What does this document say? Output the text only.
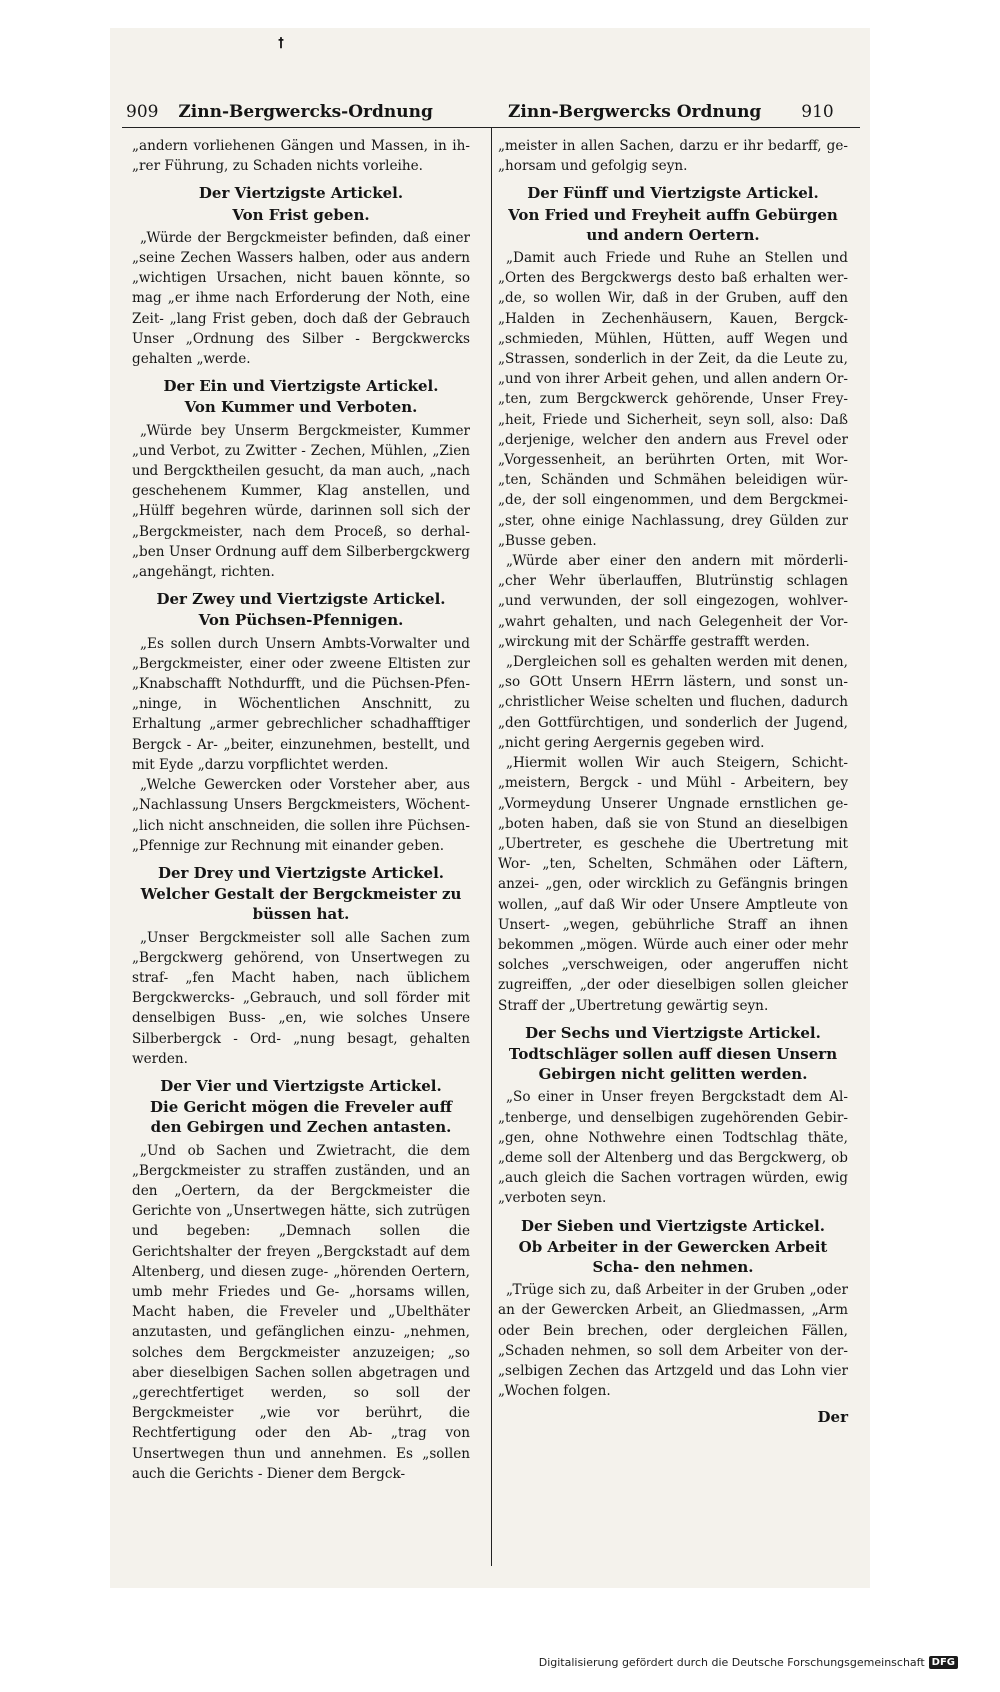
ꝉ
909 Zinn-Bergwercks-Ordnung	Zinn-Bergwercks Ordnung 910
„andern vorliehenen Gängen und Massen, in ih- „rer Führung, zu Schaden nichts vorleihe.
Der Viertzigste Artickel.
Von Frist geben.
„Würde der Bergckmeister befinden, daß einer „seine Zechen Wassers halben, oder aus andern „wichtigen Ursachen, nicht bauen könnte, so mag „er ihme nach Erforderung der Noth, eine Zeit- „lang Frist geben, doch daß der Gebrauch Unser „Ordnung des Silber - Bergckwercks gehalten „werde.
Der Ein und Viertzigste Artickel.
Von Kummer und Verboten.
„Würde bey Unserm Bergckmeister, Kummer „und Verbot, zu Zwitter - Zechen, Mühlen, „Zien und Bergcktheilen gesucht, da man auch, „nach geschehenem Kummer, Klag anstellen, und „Hülff begehren würde, darinnen soll sich der „Bergckmeister, nach dem Proceß, so derhal- „ben Unser Ordnung auff dem Silberbergckwerg „angehängt, richten.
Der Zwey und Viertzigste Artickel.
Von Püchsen-Pfennigen.
„Es sollen durch Unsern Ambts-Vorwalter und „Bergckmeister, einer oder zweene Eltisten zur „Knabschafft Nothdurfft, und die Püchsen-Pfen- „ninge, in Wöchentlichen Anschnitt, zu Erhaltung „armer gebrechlicher schadhafftiger Bergck - Ar- „beiter, einzunehmen, bestellt, und mit Eyde „darzu vorpflichtet werden.
„Welche Gewercken oder Vorsteher aber, aus „Nachlassung Unsers Bergckmeisters, Wöchent- „lich nicht anschneiden, die sollen ihre Püchsen- „Pfennige zur Rechnung mit einander geben.
Der Drey und Viertzigste Artickel.
Welcher Gestalt der Bergckmeister zu büssen hat.
„Unser Bergckmeister soll alle Sachen zum „Bergckwerg gehörend, von Unsertwegen zu straf- „fen Macht haben, nach üblichem Bergckwercks- „Gebrauch, und soll förder mit denselbigen Buss- „en, wie solches Unsere Silberbergck - Ord- „nung besagt, gehalten werden.
Der Vier und Viertzigste Artickel.
Die Gericht mögen die Freveler auff den Gebirgen und Zechen antasten.
„Und ob Sachen und Zwietracht, die dem „Bergckmeister zu straffen zuständen, und an den „Oertern, da der Bergckmeister die Gerichte von „Unsertwegen hätte, sich zutrügen und begeben: „Demnach sollen die Gerichtshalter der freyen „Bergckstadt auf dem Altenberg, und diesen zuge- „hörenden Oertern, umb mehr Friedes und Ge- „horsams willen, Macht haben, die Freveler und „Ubelthäter anzutasten, und gefänglichen einzu- „nehmen, solches dem Bergckmeister anzuzeigen; „so aber dieselbigen Sachen sollen abgetragen und „gerechtfertiget werden, so soll der Bergckmeister „wie vor berührt, die Rechtfertigung oder den Ab- „trag von Unsertwegen thun und annehmen. Es „sollen auch die Gerichts - Diener dem Bergck-
„meister in allen Sachen, darzu er ihr bedarff, ge- „horsam und gefolgig seyn.
Der Fünff und Viertzigste Artickel.
Von Fried und Freyheit auffn Gebürgen und andern Oertern.
„Damit auch Friede und Ruhe an Stellen und „Orten des Bergckwergs desto baß erhalten wer- „de, so wollen Wir, daß in der Gruben, auff den „Halden in Zechenhäusern, Kauen, Bergck- „schmieden, Mühlen, Hütten, auff Wegen und „Strassen, sonderlich in der Zeit, da die Leute zu, „und von ihrer Arbeit gehen, und allen andern Or- „ten, zum Bergckwerck gehörende, Unser Frey- „heit, Friede und Sicherheit, seyn soll, also: Daß „derjenige, welcher den andern aus Frevel oder „Vorgessenheit, an berührten Orten, mit Wor- „ten, Schänden und Schmähen beleidigen wür- „de, der soll eingenommen, und dem Bergckmei- „ster, ohne einige Nachlassung, drey Gülden zur „Busse geben.
„Würde aber einer den andern mit mörderli- „cher Wehr überlauffen, Blutrünstig schlagen „und verwunden, der soll eingezogen, wohlver- „wahrt gehalten, und nach Gelegenheit der Vor- „wirckung mit der Schärffe gestrafft werden.
„Dergleichen soll es gehalten werden mit denen, „so GOtt Unsern HErrn lästern, und sonst un- „christlicher Weise schelten und fluchen, dadurch „den Gottfürchtigen, und sonderlich der Jugend, „nicht gering Aergernis gegeben wird.
„Hiermit wollen Wir auch Steigern, Schicht- „meistern, Bergck - und Mühl - Arbeitern, bey „Vormeydung Unserer Ungnade ernstlichen ge- „boten haben, daß sie von Stund an dieselbigen „Ubertreter, es geschehe die Ubertretung mit Wor- „ten, Schelten, Schmähen oder Läftern, anzei- „gen, oder wircklich zu Gefängnis bringen wollen, „auf daß Wir oder Unsere Amptleute von Unsert- „wegen, gebührliche Straff an ihnen bekommen „mögen. Würde auch einer oder mehr solches „verschweigen, oder angeruffen nicht zugreiffen, „der oder dieselbigen sollen gleicher Straff der „Ubertretung gewärtig seyn.
Der Sechs und Viertzigste Artickel.
Todtschläger sollen auff diesen Unsern Gebirgen nicht gelitten werden.
„So einer in Unser freyen Bergckstadt dem Al- „tenberge, und denselbigen zugehörenden Gebir- „gen, ohne Nothwehre einen Todtschlag thäte, „deme soll der Altenberg und das Bergckwerg, ob „auch gleich die Sachen vortragen würden, ewig „verboten seyn.
Der Sieben und Viertzigste Artickel.
Ob Arbeiter in der Gewercken Arbeit Scha- den nehmen.
„Trüge sich zu, daß Arbeiter in der Gruben „oder an der Gewercken Arbeit, an Gliedmassen, „Arm oder Bein brechen, oder dergleichen Fällen, „Schaden nehmen, so soll dem Arbeiter von der- „selbigen Zechen das Artzgeld und das Lohn vier „Wochen folgen.
Der
Digitalisierung gefördert durch die Deutsche Forschungsgemeinschaft DFG
